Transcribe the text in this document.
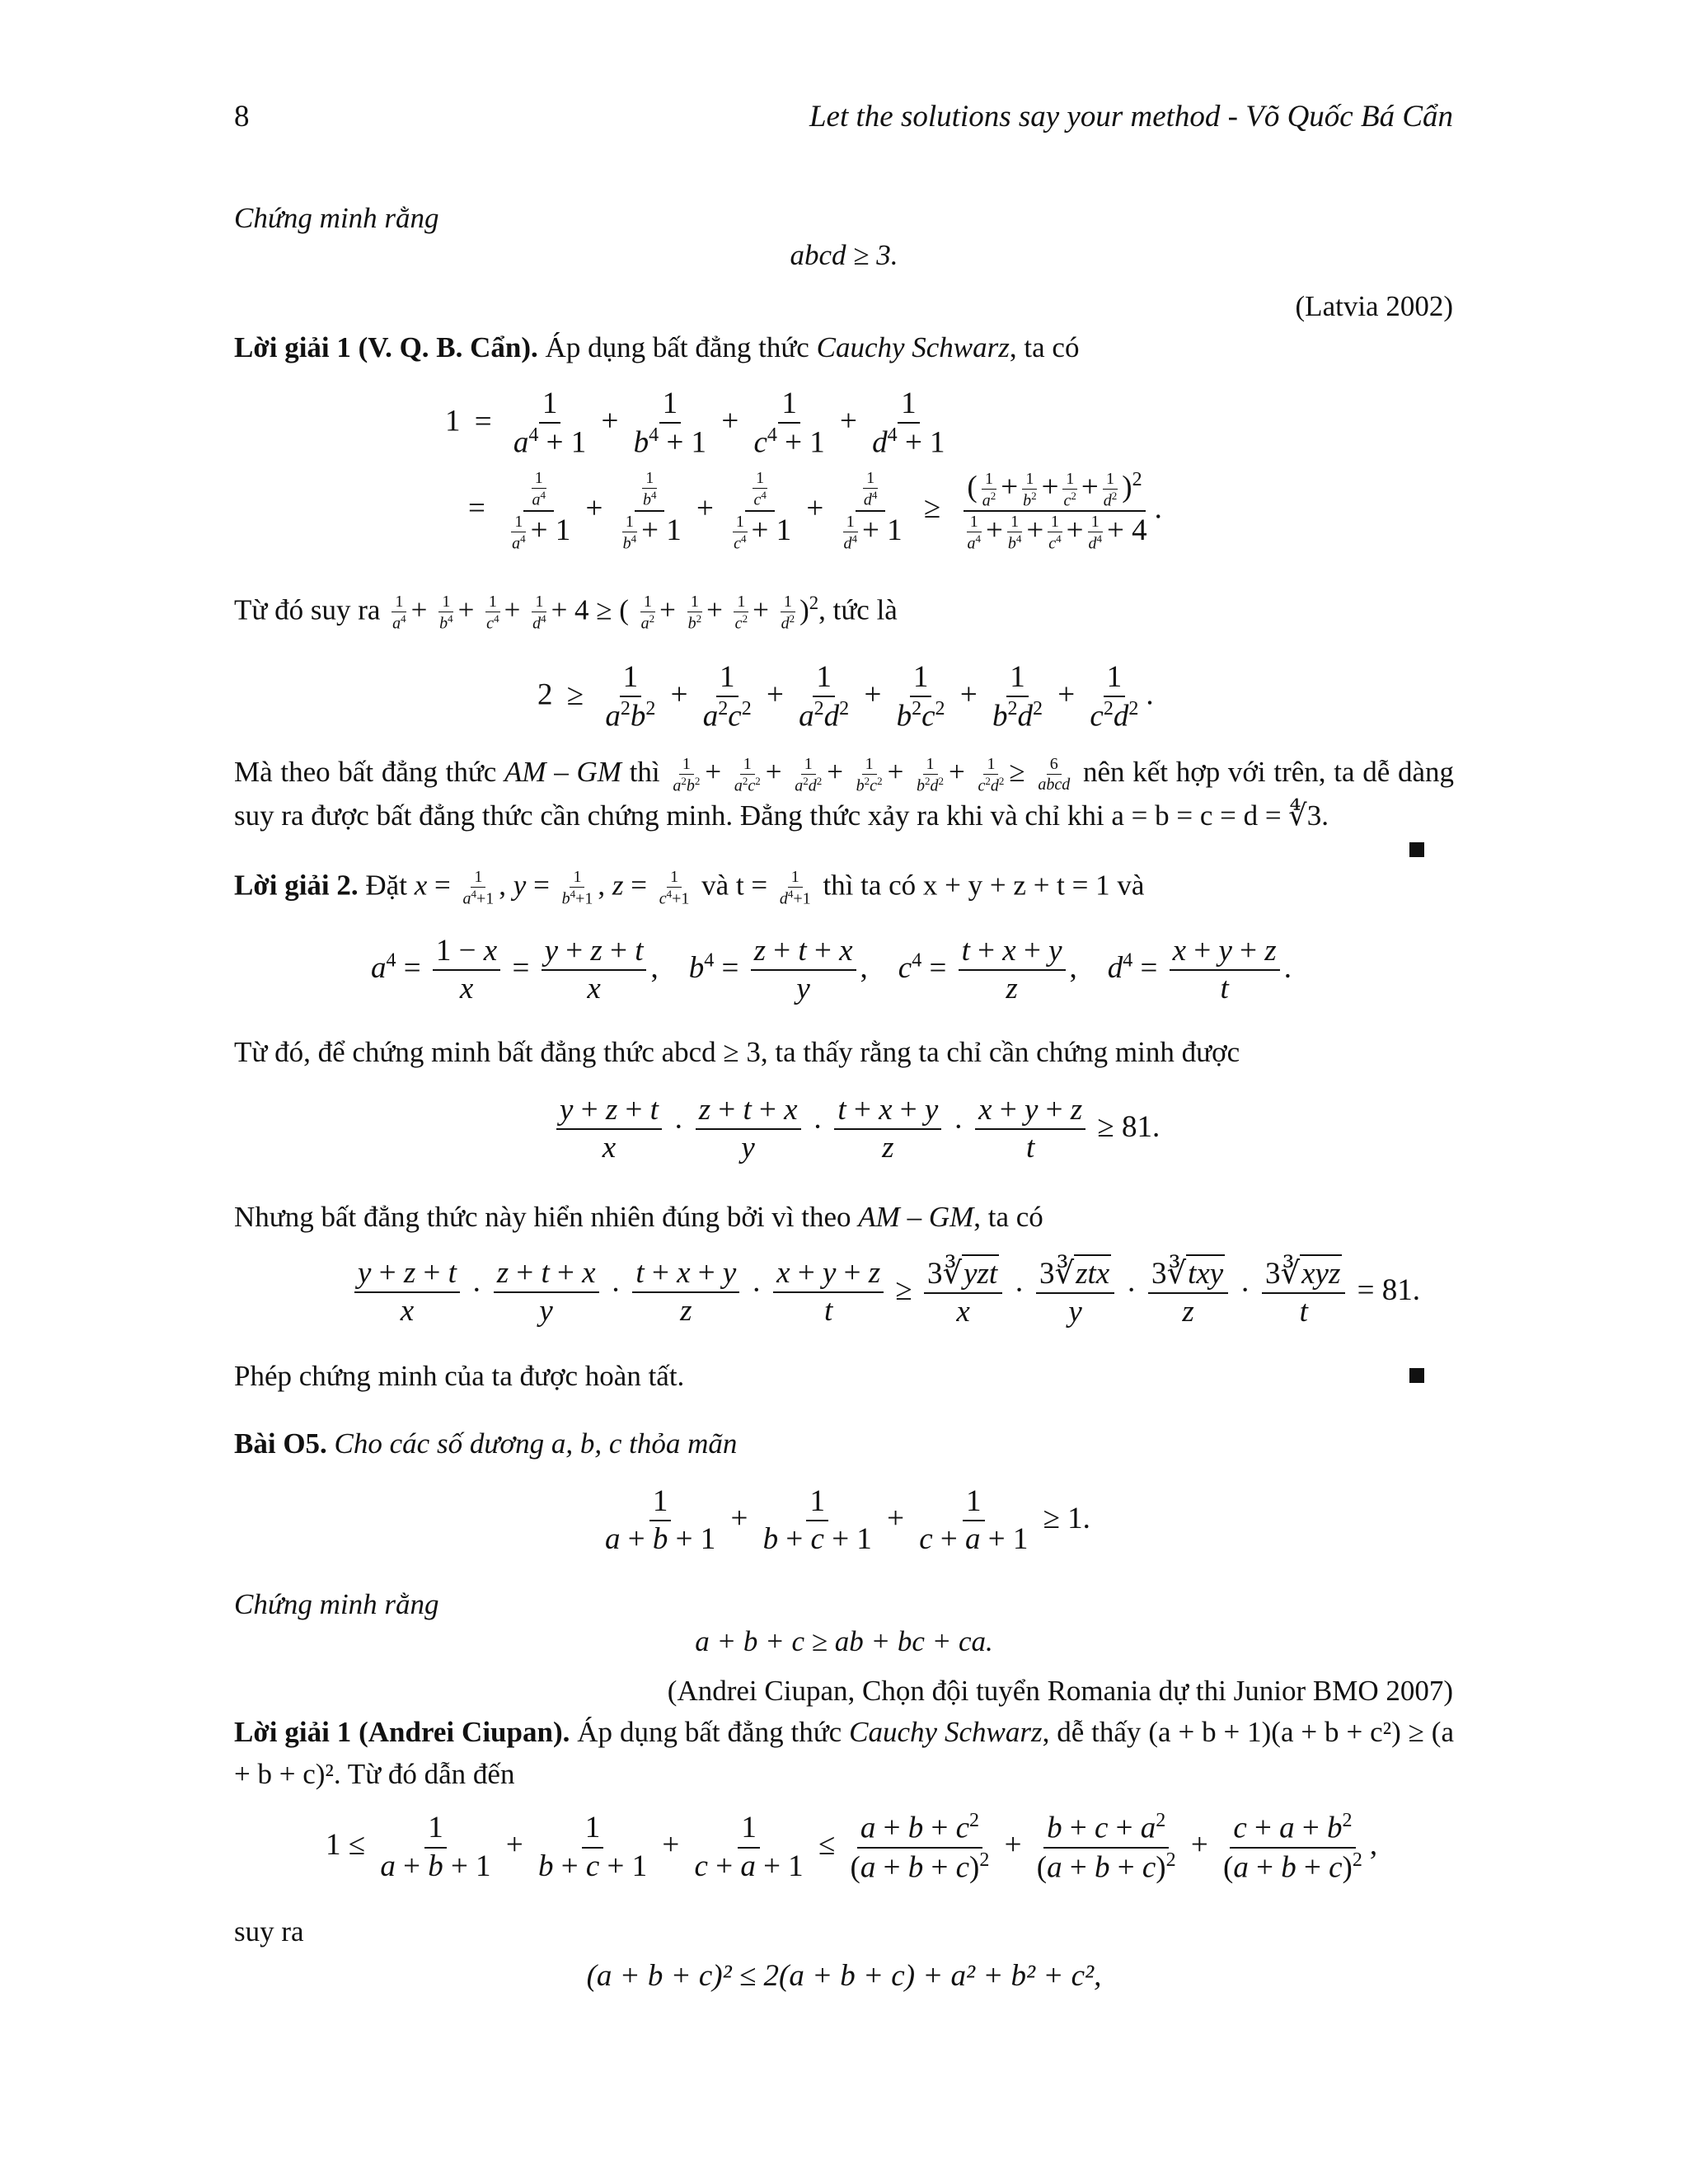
8	Let the solutions say your method - Võ Quốc Bá Cẩn
Chứng minh rằng
abcd ≥ 3.
(Latvia 2002)
Lời giải 1 (V. Q. B. Cẩn). Áp dụng bất đẳng thức Cauchy Schwarz, ta có
$1 = \frac{1}{a^4 + 1} + \frac{1}{b^4 + 1} + \frac{1}{c^4 + 1} + \frac{1}{d^4 + 1}$
= $\frac{\frac{1}{a^4}}{\frac{1}{a^4} + 1} + \frac{\frac{1}{b^4}}{\frac{1}{b^4} + 1} + \frac{\frac{1}{c^4}}{\frac{1}{c^4} + 1} + \frac{\frac{1}{d^4}}{\frac{1}{d^4} + 1} \ge \frac{( \frac{1}{a^2} + \frac{1}{b^2} + \frac{1}{c^2} + \frac{1}{d^2} )^2}{\frac{1}{a^4} + \frac{1}{b^4} + \frac{1}{c^4} + \frac{1}{d^4} + 4}$ .
Từ đó suy ra $\frac{1}{a^4} + \frac{1}{b^4} + \frac{1}{c^4} + \frac{1}{d^4} + 4$ ≥ ( $\frac{1}{a^2} + \frac{1}{b^2} + \frac{1}{c^2} + \frac{1}{d^2} )^2$, tức là
$2 \ge \frac{1}{a^2b^2} + \frac{1}{a^2c^2} + \frac{1}{a^2d^2} + \frac{1}{b^2c^2} + \frac{1}{b^2d^2} + \frac{1}{c^2d^2}$ .
Mà theo bất đẳng thức AM – GM thì $\frac{1}{a^2b^2} + \frac{1}{a^2c^2} + \frac{1}{a^2d^2} + \frac{1}{b^2c^2} + \frac{1}{b^2d^2} + \frac{1}{c^2d^2} \ge \frac{6}{\text{abcd}}$ nên kết hợp với trên, ta dễ dàng suy ra được bất đẳng thức cần chứng minh. Đẳng thức xảy ra khi và chỉ khi a = b = c = d = ∜3.
Lời giải 2. Đặt $x = \frac{1}{a^4+1}$ , $y = \frac{1}{b^4+1}$ , $z = \frac{1}{c^4+1}$ và $t = \frac{1}{d^4+1}$ thì ta có x + y + z + t = 1 và
$a^4 = \frac{1 - x}{x} = \frac{y + z + t}{x}$ ,    $b^4 = \frac{z + t + x}{y}$ ,    $c^4 = \frac{t + x + y}{z}$ ,    $d^4 = \frac{x + y + z}{t}$ .
Từ đó, để chứng minh bất đẳng thức abcd ≥ 3, ta thấy rằng ta chỉ cần chứng minh được
$\frac{y + z + t}{x} \cdot \frac{z + t + x}{y} \cdot \frac{t + x + y}{z} \cdot \frac{x + y + z}{t} \ge 81$.
Nhưng bất đẳng thức này hiển nhiên đúng bởi vì theo AM – GM, ta có
$\frac{y + z + t}{x} \cdot \frac{z + t + x}{y} \cdot \frac{t + x + y}{z} \cdot \frac{x + y + z}{t} \ge \frac{\text{3∛yzt}}{x} \cdot \frac{\text{3∛ztx}}{y} \cdot \frac{\text{3∛txy}}{z} \cdot \frac{\text{3∛xyz}}{t} = 81$.
Phép chứng minh của ta được hoàn tất.
Bài O5. Cho các số dương a, b, c thỏa mãn
$\frac{1}{a + b + 1} + \frac{1}{b + c + 1} + \frac{1}{c + a + 1} \ge 1$.
Chứng minh rằng
a + b + c ≥ ab + bc + ca.
(Andrei Ciupan, Chọn đội tuyển Romania dự thi Junior BMO 2007)
Lời giải 1 (Andrei Ciupan). Áp dụng bất đẳng thức Cauchy Schwarz, dễ thấy (a + b + 1)(a + b + c²) ≥ (a + b + c)². Từ đó dẫn đến
$1 \le \frac{1}{a + b + 1} + \frac{1}{b + c + 1} + \frac{1}{c + a + 1} \le \frac{a + b + c^2}{(a + b + c)^2} + \frac{b + c + a^2}{(a + b + c)^2} + \frac{c + a + b^2}{(a + b + c)^2}$ ,
suy ra
(a + b + c)² ≤ 2(a + b + c) + a² + b² + c²,
